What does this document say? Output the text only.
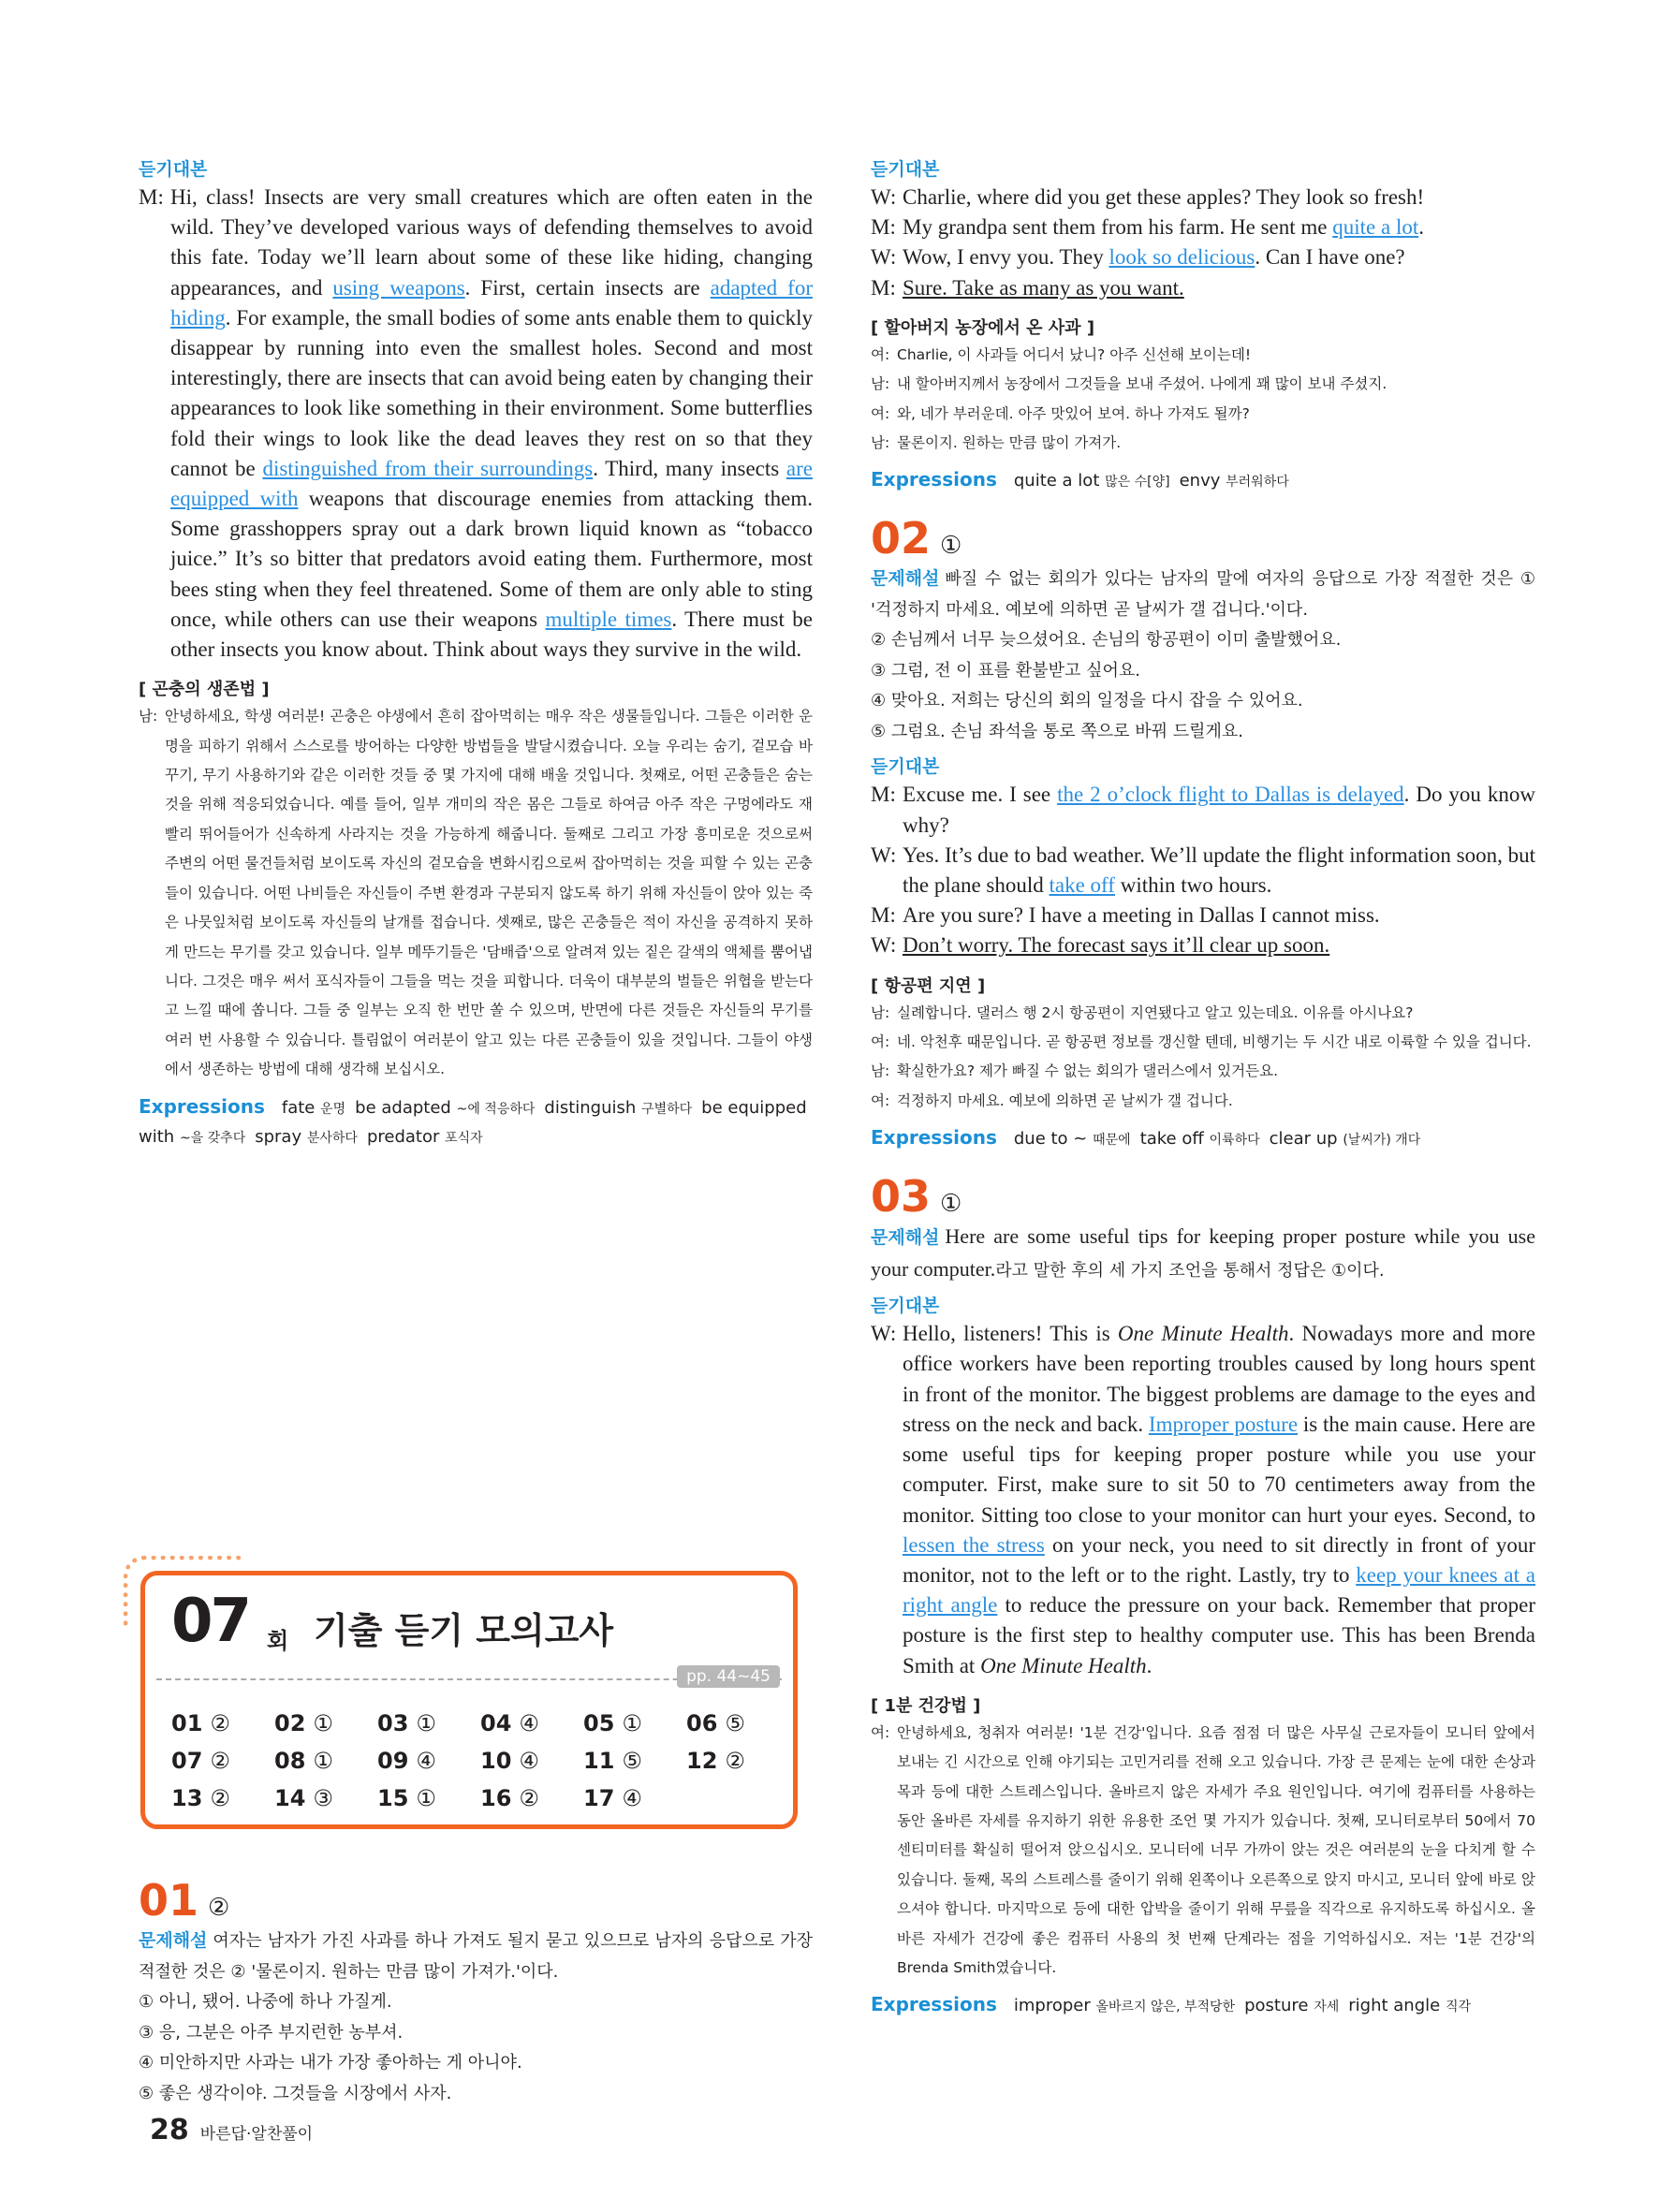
듣기대본
M: Hi, class! Insects are very small creatures which are often eaten in the wild. They’ve developed various ways of defending themselves to avoid this fate. Today we’ll learn about some of these like hiding, changing appearances, and using weapons. First, certain insects are adapted for hiding. For example, the small bodies of some ants enable them to quickly disappear by running into even the smallest holes. Second and most interestingly, there are insects that can avoid being eaten by changing their appearances to look like something in their environment. Some butterflies fold their wings to look like the dead leaves they rest on so that they cannot be distinguished from their surroundings. Third, many insects are equipped with weapons that discourage enemies from attacking them. Some grasshoppers spray out a dark brown liquid known as “tobacco juice.” It’s so bitter that predators avoid eating them. Furthermore, most bees sting when they feel threatened. Some of them are only able to sting once, while others can use their weapons multiple times. There must be other insects you know about. Think about ways they survive in the wild.
[ 곤충의 생존법 ]
남: 안녕하세요, 학생 여러분! 곤충은 야생에서 흔히 잡아먹히는 매우 작은 생물들입니다. 그들은 이러한 운명을 피하기 위해서 스스로를 방어하는 다양한 방법들을 발달시켰습니다. 오늘 우리는 숨기, 겉모습 바꾸기, 무기 사용하기와 같은 이러한 것들 중 몇 가지에 대해 배울 것입니다. 첫째로, 어떤 곤충들은 숨는 것을 위해 적응되었습니다. 예를 들어, 일부 개미의 작은 몸은 그들로 하여금 아주 작은 구멍에라도 재빨리 뛰어들어가 신속하게 사라지는 것을 가능하게 해줍니다. 둘째로 그리고 가장 흥미로운 것으로써 주변의 어떤 물건들처럼 보이도록 자신의 겉모습을 변화시킴으로써 잡아먹히는 것을 피할 수 있는 곤충들이 있습니다. 어떤 나비들은 자신들이 주변 환경과 구분되지 않도록 하기 위해 자신들이 앉아 있는 죽은 나뭇잎처럼 보이도록 자신들의 날개를 접습니다. 셋째로, 많은 곤충들은 적이 자신을 공격하지 못하게 만드는 무기를 갖고 있습니다. 일부 메뚜기들은 '담배즙'으로 알려져 있는 짙은 갈색의 액체를 뿜어냅니다. 그것은 매우 써서 포식자들이 그들을 먹는 것을 피합니다. 더욱이 대부분의 벌들은 위협을 받는다고 느낄 때에 쏩니다. 그들 중 일부는 오직 한 번만 쏠 수 있으며, 반면에 다른 것들은 자신들의 무기를 여러 번 사용할 수 있습니다. 틀림없이 여러분이 알고 있는 다른 곤충들이 있을 것입니다. 그들이 야생에서 생존하는 방법에 대해 생각해 보십시오.
Expressions fate 운명 be adapted ~에 적응하다 distinguish 구별하다 be equipped with ~을 갖추다 spray 분사하다 predator 포식자
07 회 기출 듣기 모의고사
pp. 44~45
01 ②	02 ①	03 ①	04 ④	05 ①	06 ⑤
07 ②	08 ①	09 ④	10 ④	11 ⑤	12 ②
13 ②	14 ③	15 ①	16 ②	17 ④
01 ②
문제해설 여자는 남자가 가진 사과를 하나 가져도 될지 묻고 있으므로 남자의 응답으로 가장 적절한 것은 ② '물론이지. 원하는 만큼 많이 가져가.'이다.
① 아니, 됐어. 나중에 하나 가질게.
③ 응, 그분은 아주 부지런한 농부셔.
④ 미안하지만 사과는 내가 가장 좋아하는 게 아니야.
⑤ 좋은 생각이야. 그것들을 시장에서 사자.
듣기대본
W: Charlie, where did you get these apples? They look so fresh!
M: My grandpa sent them from his farm. He sent me quite a lot.
W: Wow, I envy you. They look so delicious. Can I have one?
M: Sure. Take as many as you want.
[ 할아버지 농장에서 온 사과 ]
여: Charlie, 이 사과들 어디서 났니? 아주 신선해 보이는데!
남: 내 할아버지께서 농장에서 그것들을 보내 주셨어. 나에게 꽤 많이 보내 주셨지.
여: 와, 네가 부러운데. 아주 맛있어 보여. 하나 가져도 될까?
남: 물론이지. 원하는 만큼 많이 가져가.
Expressions quite a lot 많은 수[양] envy 부러워하다
02 ①
문제해설 빠질 수 없는 회의가 있다는 남자의 말에 여자의 응답으로 가장 적절한 것은 ① '걱정하지 마세요. 예보에 의하면 곧 날씨가 갤 겁니다.'이다.
② 손님께서 너무 늦으셨어요. 손님의 항공편이 이미 출발했어요.
③ 그럼, 전 이 표를 환불받고 싶어요.
④ 맞아요. 저희는 당신의 회의 일정을 다시 잡을 수 있어요.
⑤ 그럼요. 손님 좌석을 통로 쪽으로 바꿔 드릴게요.
듣기대본
M: Excuse me. I see the 2 o’clock flight to Dallas is delayed. Do you know why?
W: Yes. It’s due to bad weather. We’ll update the flight information soon, but the plane should take off within two hours.
M: Are you sure? I have a meeting in Dallas I cannot miss.
W: Don’t worry. The forecast says it’ll clear up soon.
[ 항공편 지연 ]
남: 실례합니다. 댈러스 행 2시 항공편이 지연됐다고 알고 있는데요. 이유를 아시나요?
여: 네. 악천후 때문입니다. 곧 항공편 정보를 갱신할 텐데, 비행기는 두 시간 내로 이륙할 수 있을 겁니다.
남: 확실한가요? 제가 빠질 수 없는 회의가 댈러스에서 있거든요.
여: 걱정하지 마세요. 예보에 의하면 곧 날씨가 갤 겁니다.
Expressions due to ~ 때문에 take off 이륙하다 clear up (날씨가) 개다
03 ①
문제해설 Here are some useful tips for keeping proper posture while you use your computer.라고 말한 후의 세 가지 조언을 통해서 정답은 ①이다.
듣기대본
W: Hello, listeners! This is One Minute Health. Nowadays more and more office workers have been reporting troubles caused by long hours spent in front of the monitor. The biggest problems are damage to the eyes and stress on the neck and back. Improper posture is the main cause. Here are some useful tips for keeping proper posture while you use your computer. First, make sure to sit 50 to 70 centimeters away from the monitor. Sitting too close to your monitor can hurt your eyes. Second, to lessen the stress on your neck, you need to sit directly in front of your monitor, not to the left or to the right. Lastly, try to keep your knees at a right angle to reduce the pressure on your back. Remember that proper posture is the first step to healthy computer use. This has been Brenda Smith at One Minute Health.
[ 1분 건강법 ]
여: 안녕하세요, 청취자 여러분! '1분 건강'입니다. 요즘 점점 더 많은 사무실 근로자들이 모니터 앞에서 보내는 긴 시간으로 인해 야기되는 고민거리를 전해 오고 있습니다. 가장 큰 문제는 눈에 대한 손상과 목과 등에 대한 스트레스입니다. 올바르지 않은 자세가 주요 원인입니다. 여기에 컴퓨터를 사용하는 동안 올바른 자세를 유지하기 위한 유용한 조언 몇 가지가 있습니다. 첫째, 모니터로부터 50에서 70센티미터를 확실히 떨어져 앉으십시오. 모니터에 너무 가까이 앉는 것은 여러분의 눈을 다치게 할 수 있습니다. 둘째, 목의 스트레스를 줄이기 위해 왼쪽이나 오른쪽으로 앉지 마시고, 모니터 앞에 바로 앉으셔야 합니다. 마지막으로 등에 대한 압박을 줄이기 위해 무릎을 직각으로 유지하도록 하십시오. 올바른 자세가 건강에 좋은 컴퓨터 사용의 첫 번째 단계라는 점을 기억하십시오. 저는 '1분 건강'의 Brenda Smith였습니다.
Expressions improper 올바르지 않은, 부적당한 posture 자세 right angle 직각
28 바른답·알찬풀이
